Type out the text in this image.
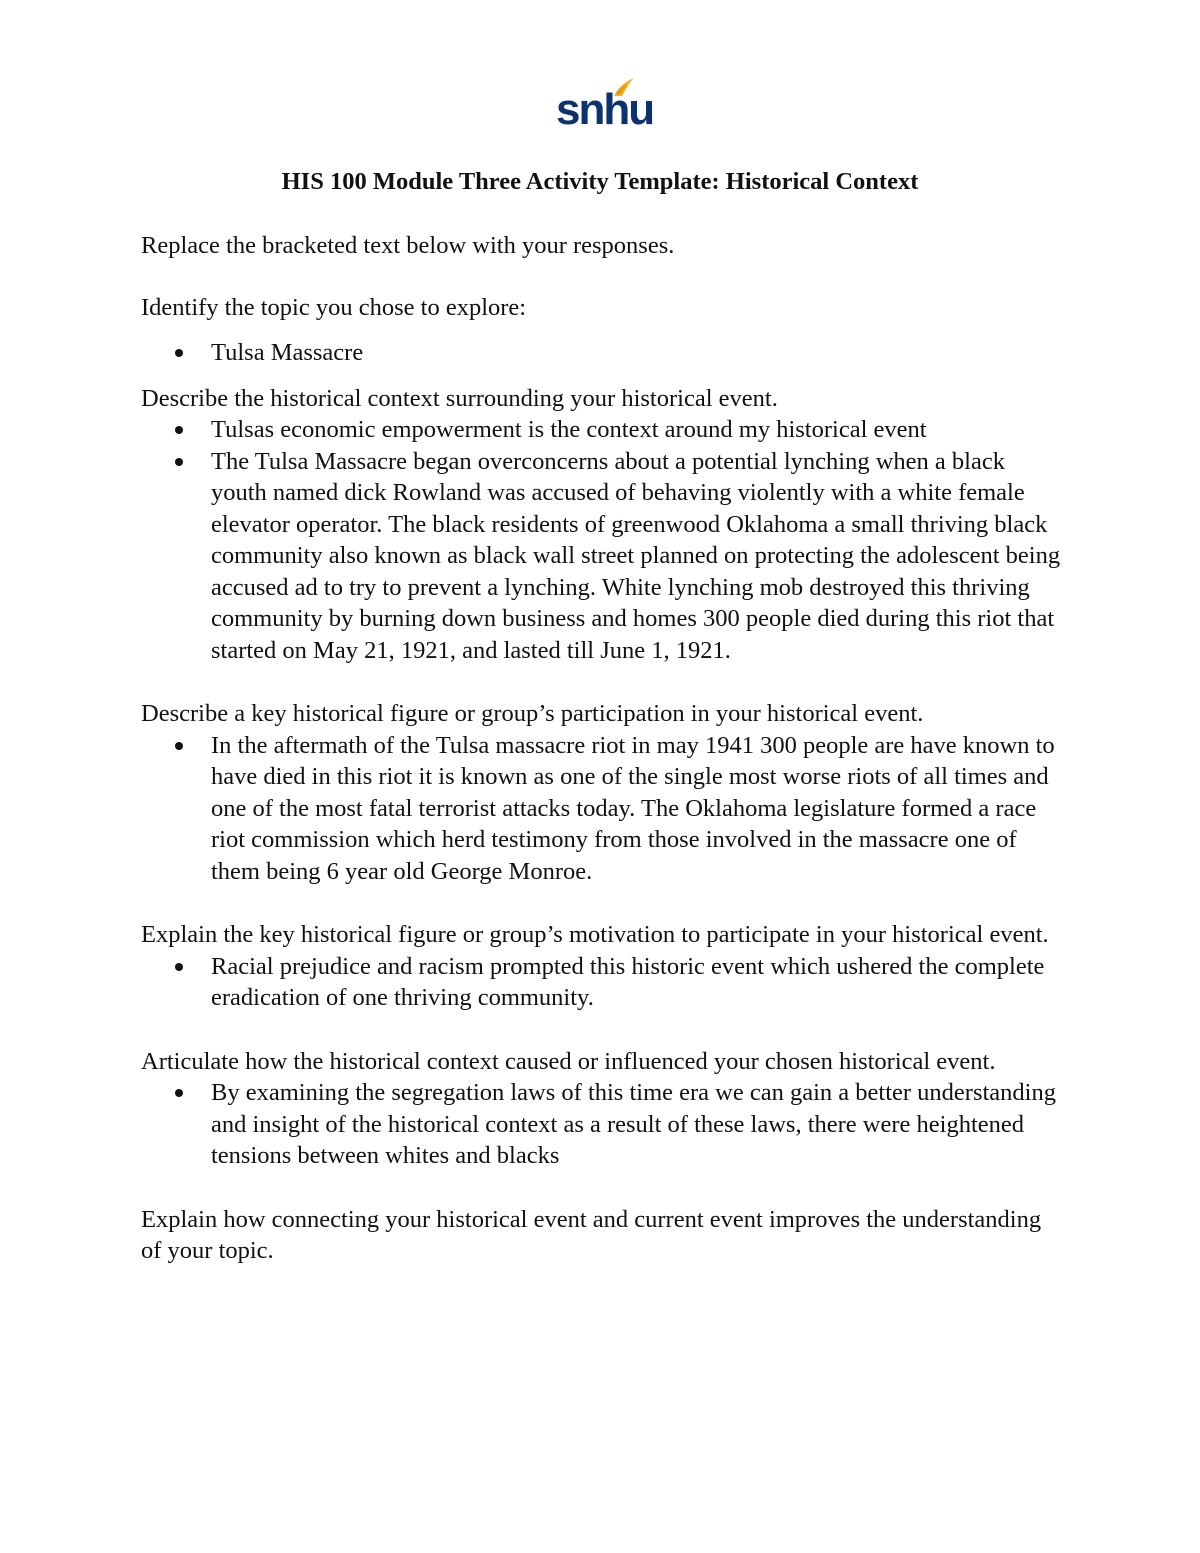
snhu
HIS 100 Module Three Activity Template: Historical Context

Replace the bracketed text below with your responses.

Identify the topic you chose to explore:

Tulsa Massacre

Describe the historical context surrounding your historical event.

Tulsas economic empowerment is the context around my historical event
The Tulsa Massacre began overconcerns about a potential lynching when a black youth named dick Rowland was accused of behaving violently with a white female elevator operator. The black residents of greenwood Oklahoma a small thriving black community also known as black wall street planned on protecting the adolescent being accused ad to try to prevent a lynching. White lynching mob destroyed this thriving community by burning down business and homes 300 people died during this riot that started on May 21, 1921, and lasted till June 1, 1921.

Describe a key historical figure or group’s participation in your historical event.

In the aftermath of the Tulsa massacre riot in may 1941 300 people are have known to have died in this riot it is known as one of the single most worse riots of all times and one of the most fatal terrorist attacks today. The Oklahoma legislature formed a race riot commission which herd testimony from those involved in the massacre one of them being 6 year old George Monroe.

Explain the key historical figure or group’s motivation to participate in your historical event.

Racial prejudice and racism prompted this historic event which ushered the complete eradication of one thriving community.

Articulate how the historical context caused or influenced your chosen historical event.

By examining the segregation laws of this time era we can gain a better understanding and insight of the historical context as a result of these laws, there were heightened tensions between whites and blacks

Explain how connecting your historical event and current event improves the understanding of your topic.
